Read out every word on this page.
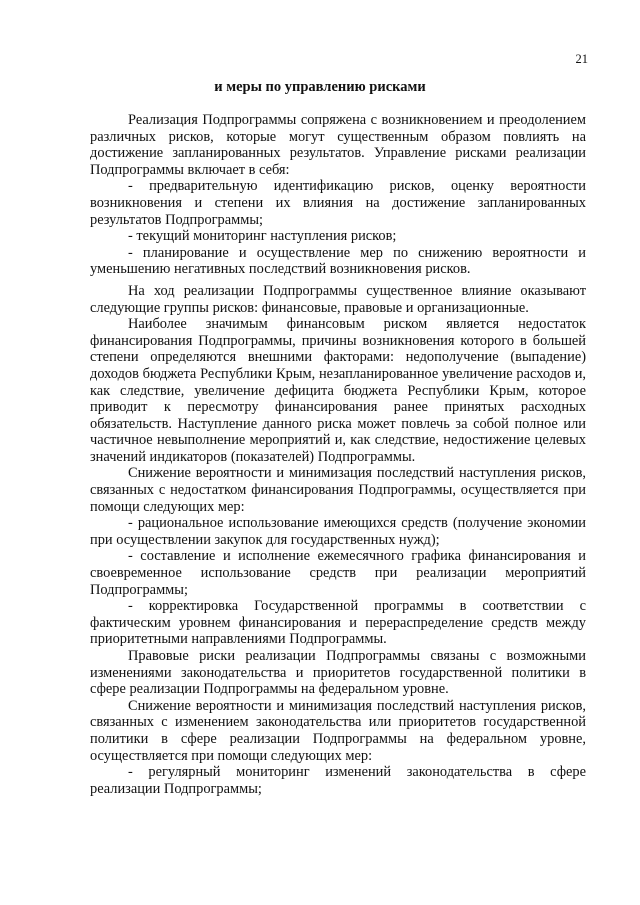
21
и меры по управлению рисками

Реализация Подпрограммы сопряжена с возникновением и преодолением различных рисков, которые могут существенным образом повлиять на достижение запланированных результатов. Управление рисками реализации Подпрограммы включает в себя:

- предварительную идентификацию рисков, оценку вероятности возникновения и степени их влияния на достижение запланированных результатов Подпрограммы;

- текущий мониторинг наступления рисков;

- планирование и осуществление мер по снижению вероятности и уменьшению негативных последствий возникновения рисков.

На ход реализации Подпрограммы существенное влияние оказывают следующие группы рисков: финансовые, правовые и организационные.

Наиболее значимым финансовым риском является недостаток финансирования Подпрограммы, причины возникновения которого в большей степени определяются внешними факторами: недополучение (выпадение) доходов бюджета Республики Крым, незапланированное увеличение расходов и, как следствие, увеличение дефицита бюджета Республики Крым, которое приводит к пересмотру финансирования ранее принятых расходных обязательств. Наступление данного риска может повлечь за собой полное или частичное невыполнение мероприятий и, как следствие, недостижение целевых значений индикаторов (показателей) Подпрограммы.

Снижение вероятности и минимизация последствий наступления рисков, связанных с недостатком финансирования Подпрограммы, осуществляется при помощи следующих мер:

- рациональное использование имеющихся средств (получение экономии при осуществлении закупок для государственных нужд);

- составление и исполнение ежемесячного графика финансирования и своевременное использование средств при реализации мероприятий Подпрограммы;

- корректировка Государственной программы в соответствии с фактическим уровнем финансирования и перераспределение средств между приоритетными направлениями Подпрограммы.

Правовые риски реализации Подпрограммы связаны с возможными изменениями законодательства и приоритетов государственной политики в сфере реализации Подпрограммы на федеральном уровне.

Снижение вероятности и минимизация последствий наступления рисков, связанных с изменением законодательства или приоритетов государственной политики в сфере реализации Подпрограммы на федеральном уровне, осуществляется при помощи следующих мер:

- регулярный мониторинг изменений законодательства в сфере реализации Подпрограммы;
